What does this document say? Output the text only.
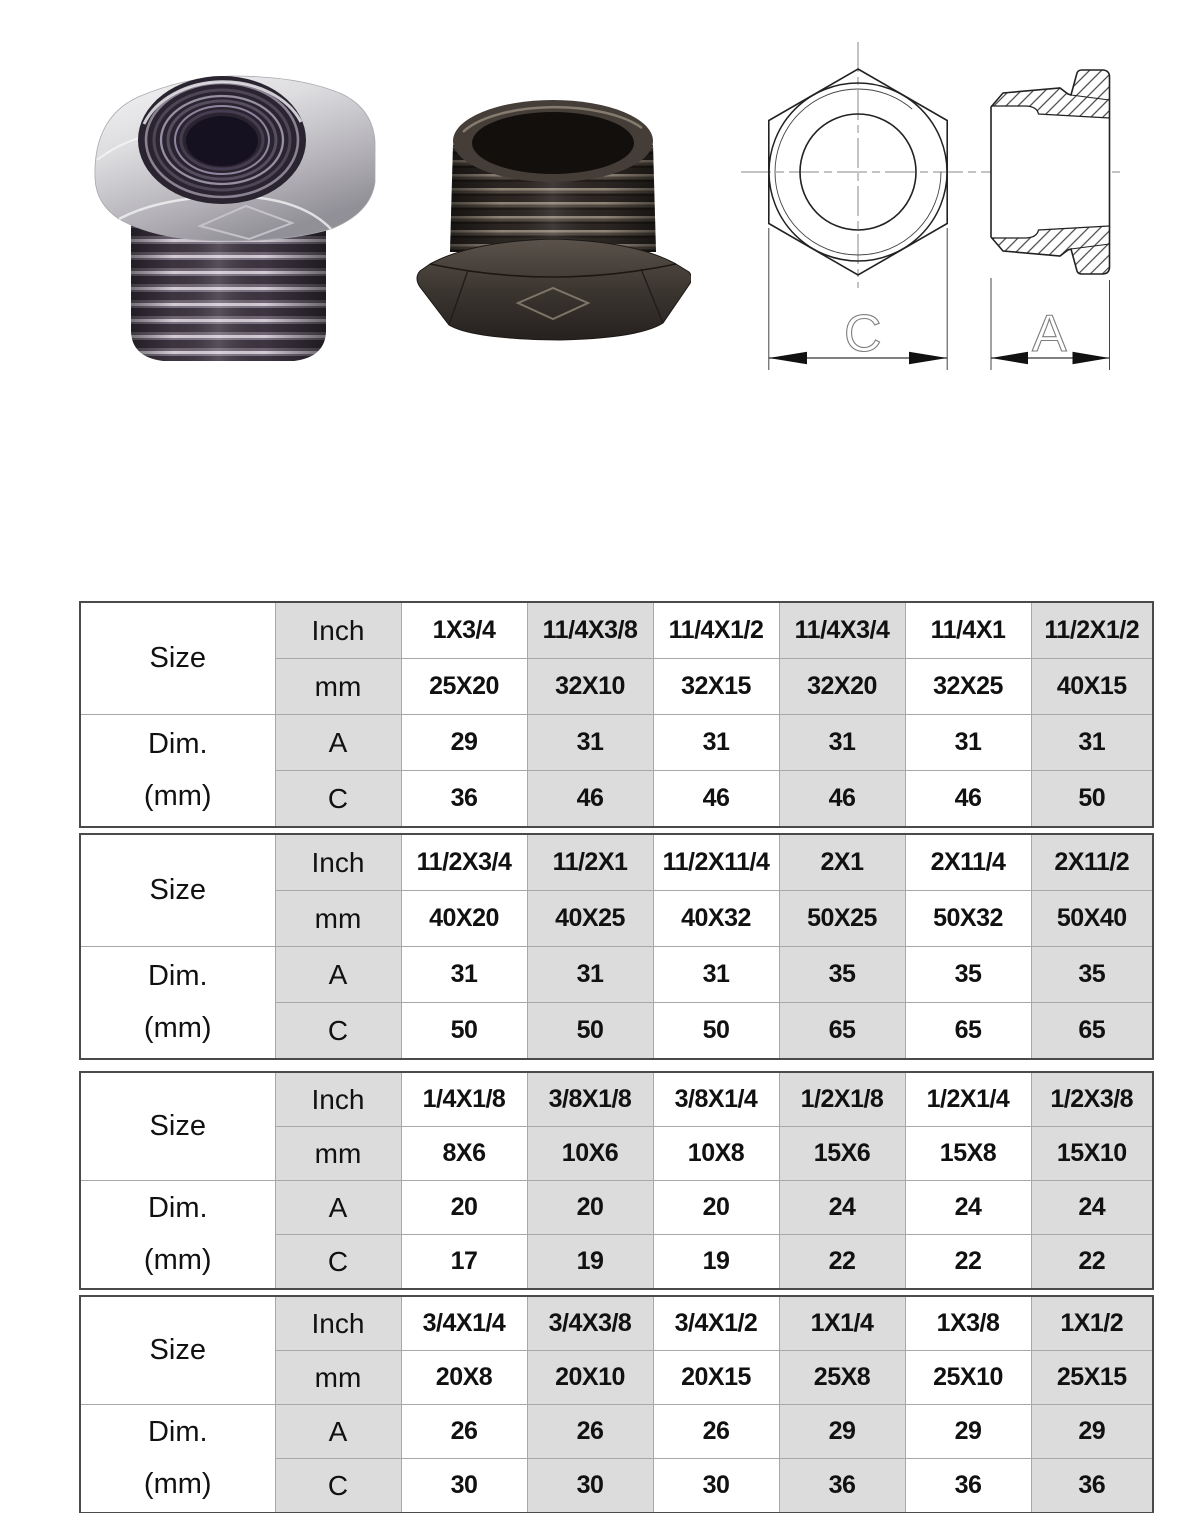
C	A
Size	Inch	1X3/4	11/4X3/8	11/4X1/2	11/4X3/4	11/4X1	11/2X1/2
	mm	25X20	32X10	32X15	32X20	32X25	40X15

Dim.
(mm)	A	29	31	31	31	31	31
	C	36	46	46	46	46	50
Size	Inch	11/2X3/4	11/2X1	11/2X11/4	2X1	2X11/4	2X11/2
	mm	40X20	40X25	40X32	50X25	50X32	50X40

Dim.
(mm)	A	31	31	31	35	35	35
	C	50	50	50	65	65	65
Size	Inch	1/4X1/8	3/8X1/8	3/8X1/4	1/2X1/8	1/2X1/4	1/2X3/8
	mm	8X6	10X6	10X8	15X6	15X8	15X10

Dim.
(mm)	A	20	20	20	24	24	24
	C	17	19	19	22	22	22
Size	Inch	3/4X1/4	3/4X3/8	3/4X1/2	1X1/4	1X3/8	1X1/2
	mm	20X8	20X10	20X15	25X8	25X10	25X15

Dim.
(mm)	A	26	26	26	29	29	29
	C	30	30	30	36	36	36
